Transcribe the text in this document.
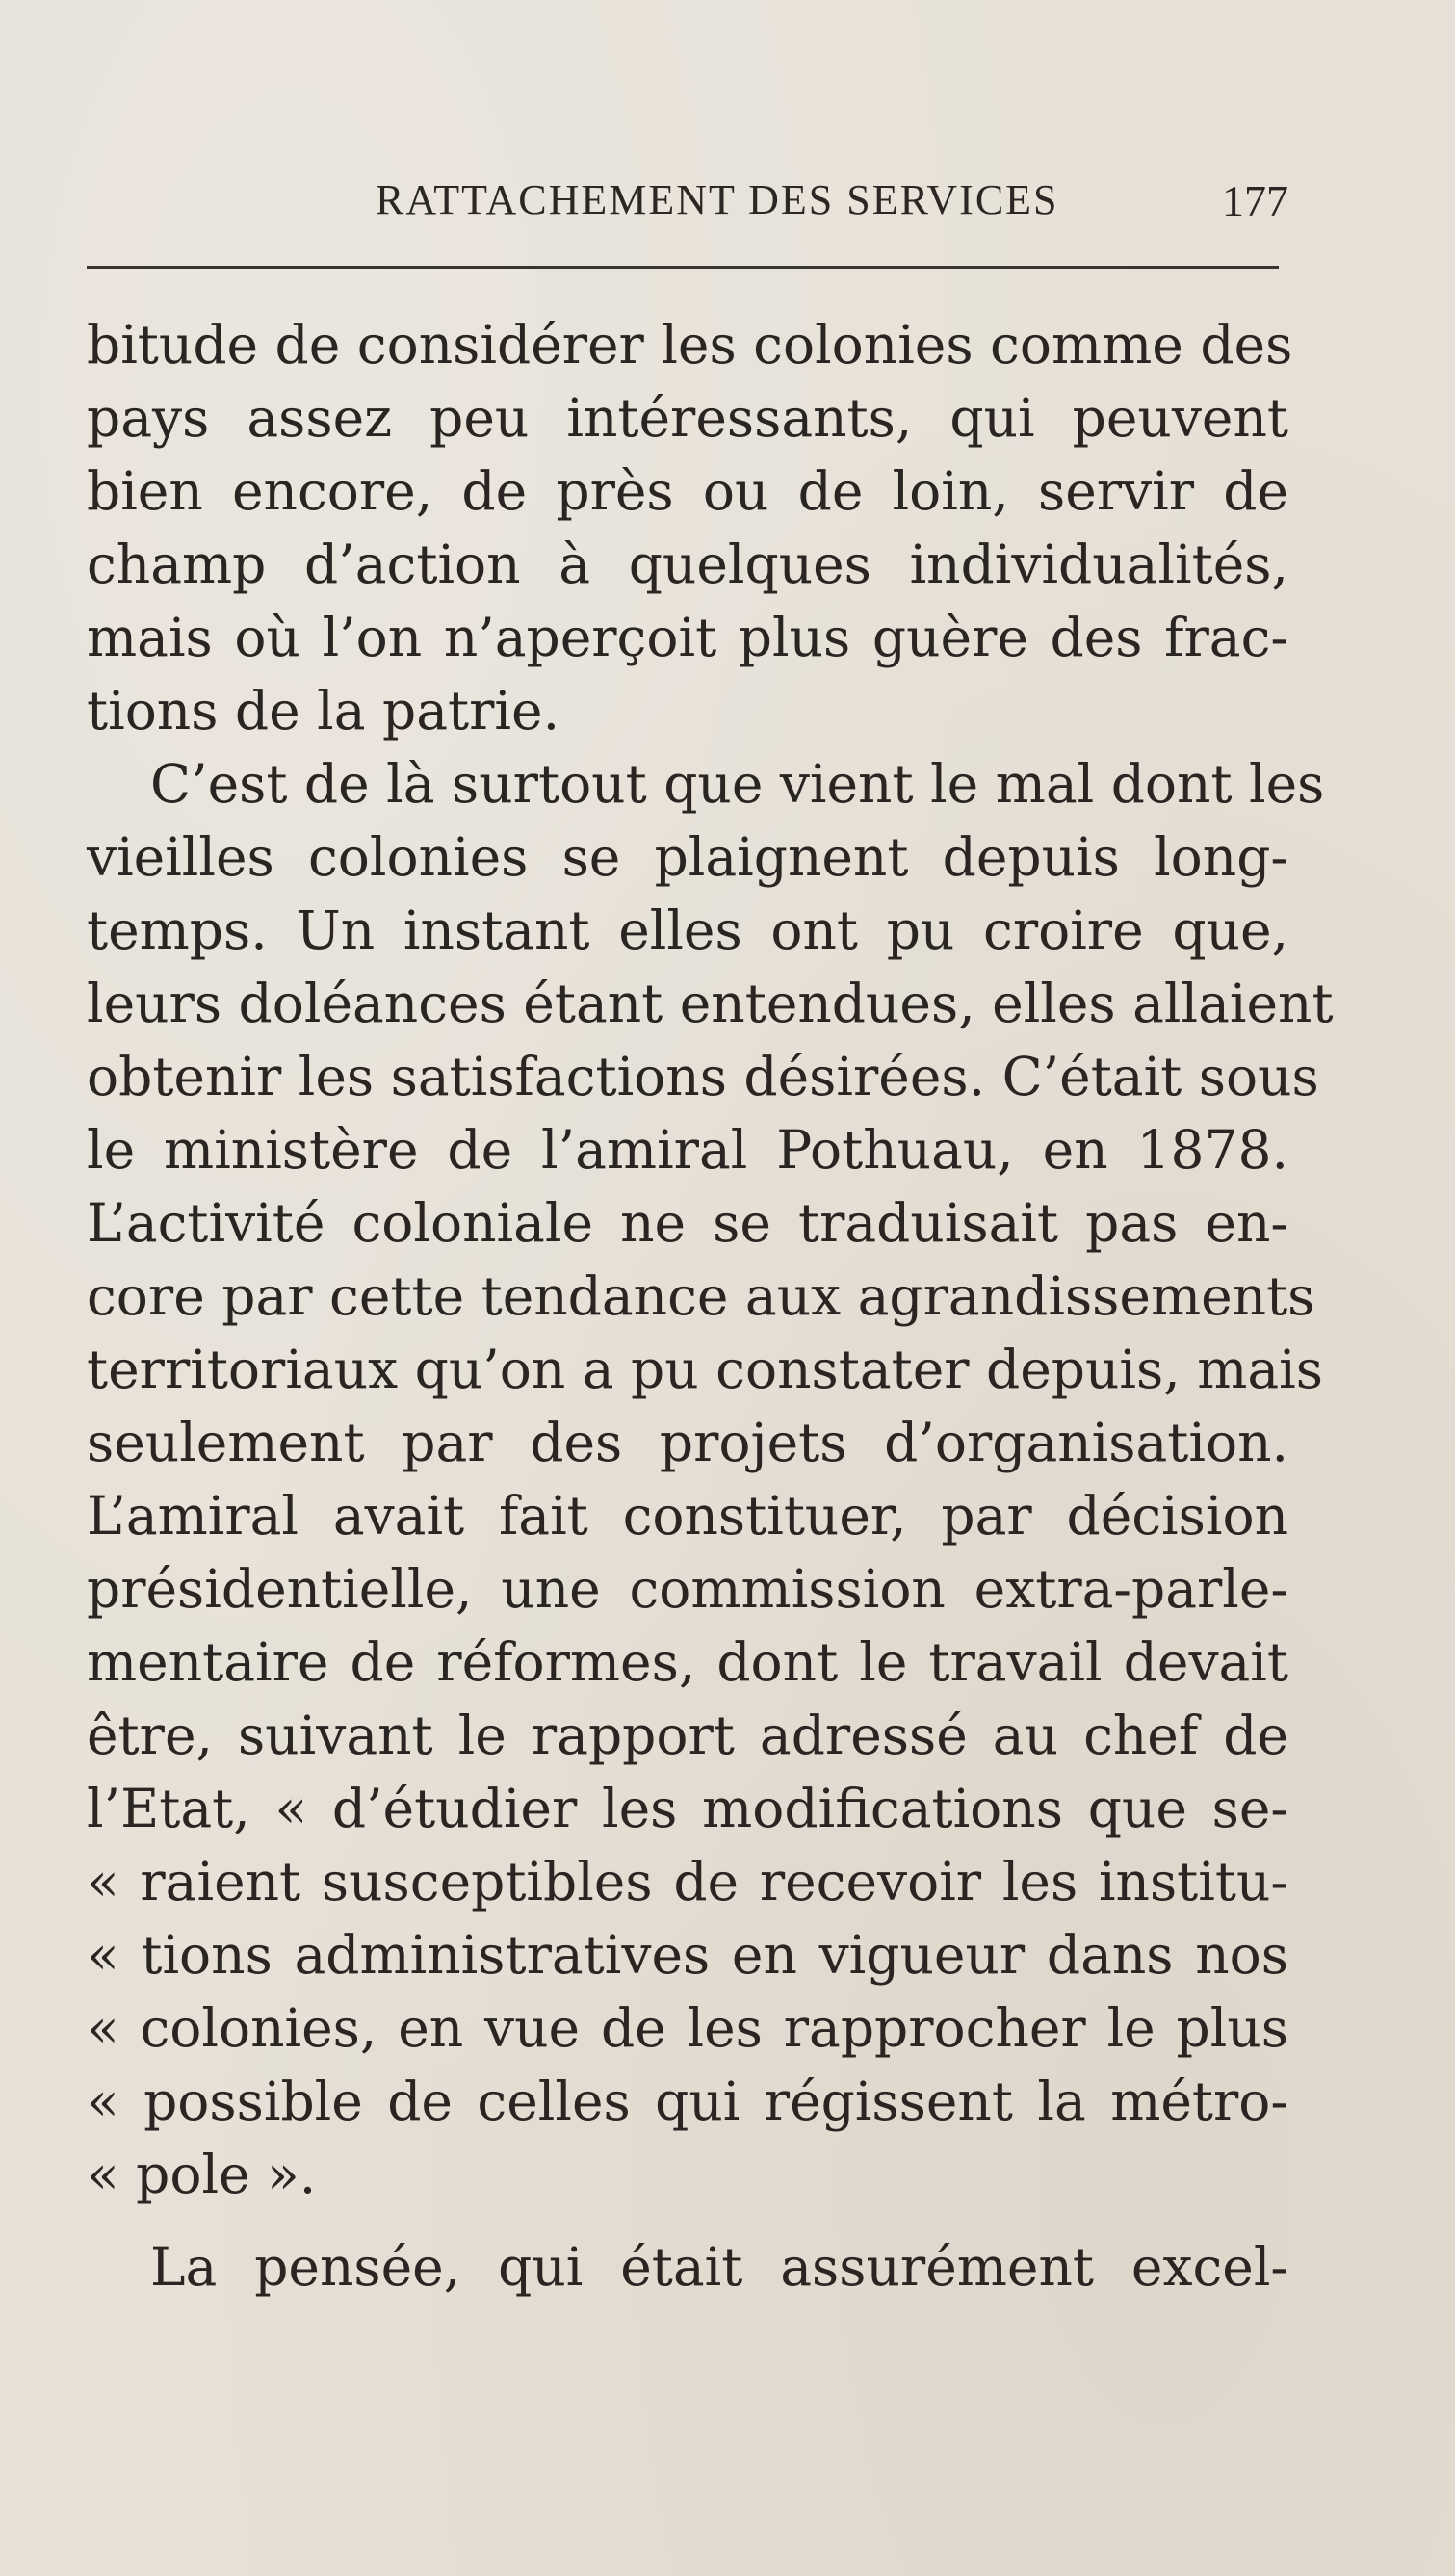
RATTACHEMENT DES SERVICES	177
bitude de considérer les colonies comme des
pays assez peu intéressants, qui peuvent
bien encore, de près ou de loin, servir de
champ d’action à quelques individualités,
mais où l’on n’aperçoit plus guère des frac-
tions de la patrie.
C’est de là surtout que vient le mal dont les
vieilles colonies se plaignent depuis long-
temps. Un instant elles ont pu croire que,
leurs doléances étant entendues, elles allaient
obtenir les satisfactions désirées. C’était sous
le ministère de l’amiral Pothuau, en 1878.
L’activité coloniale ne se traduisait pas en-
core par cette tendance aux agrandissements
territoriaux qu’on a pu constater depuis, mais
seulement par des projets d’organisation.
L’amiral avait fait constituer, par décision
présidentielle, une commission extra-parle-
mentaire de réformes, dont le travail devait
être, suivant le rapport adressé au chef de
l’Etat, « d’étudier les modifications que se-
« raient susceptibles de recevoir les institu-
« tions administratives en vigueur dans nos
« colonies, en vue de les rapprocher le plus
« possible de celles qui régissent la métro-
« pole ».
La pensée, qui était assurément excel-
